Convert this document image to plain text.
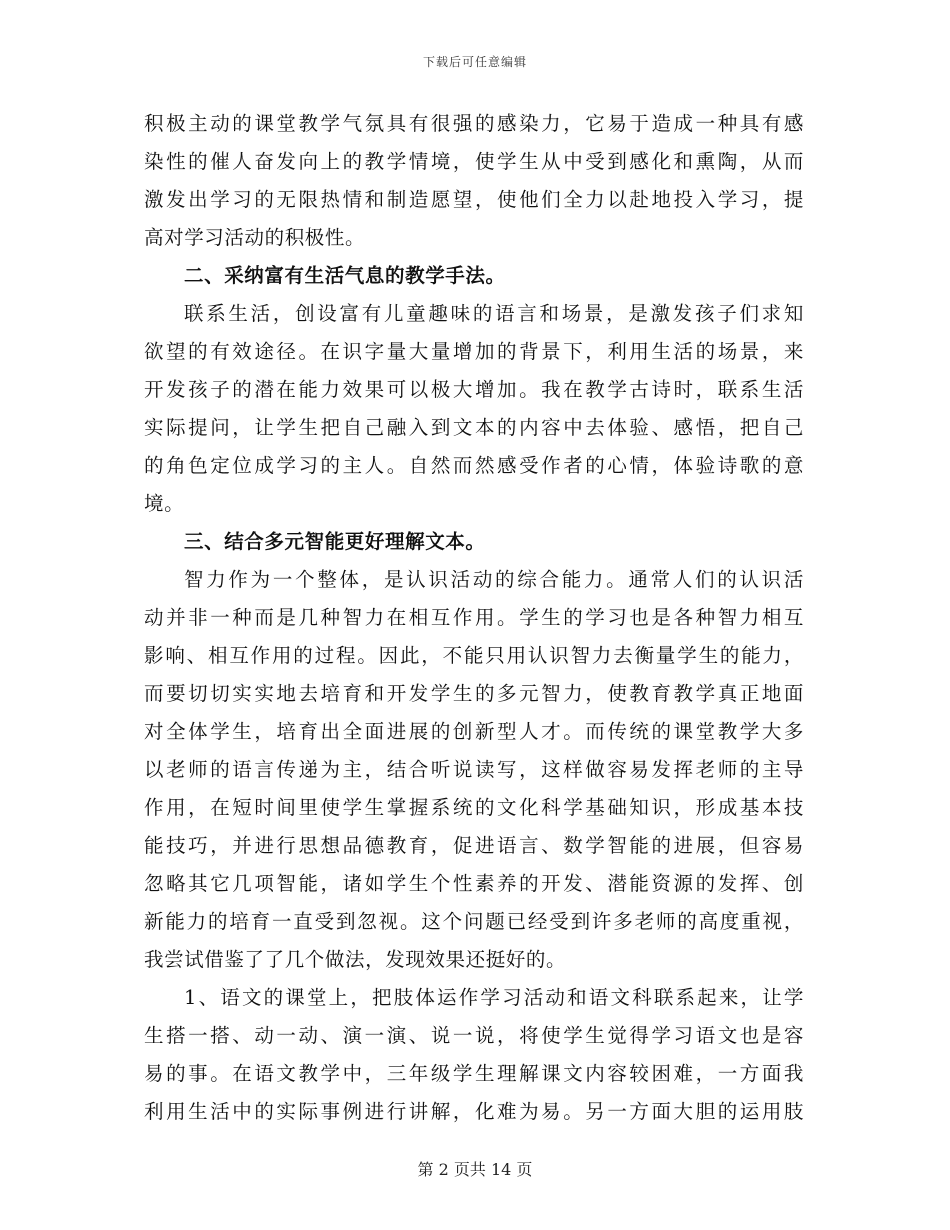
下载后可任意编辑
积极主动的课堂教学气氛具有很强的感染力，它易于造成一种具有感
染性的催人奋发向上的教学情境，使学生从中受到感化和熏陶，从而
激发出学习的无限热情和制造愿望，使他们全力以赴地投入学习，提
高对学习活动的积极性。
二、采纳富有生活气息的教学手法。
联系生活，创设富有儿童趣味的语言和场景，是激发孩子们求知
欲望的有效途径。在识字量大量增加的背景下，利用生活的场景，来
开发孩子的潜在能力效果可以极大增加。我在教学古诗时，联系生活
实际提问，让学生把自己融入到文本的内容中去体验、感悟，把自己
的角色定位成学习的主人。自然而然感受作者的心情，体验诗歌的意
境。
三、结合多元智能更好理解文本。
智力作为一个整体，是认识活动的综合能力。通常人们的认识活
动并非一种而是几种智力在相互作用。学生的学习也是各种智力相互
影响、相互作用的过程。因此，不能只用认识智力去衡量学生的能力，
而要切切实实地去培育和开发学生的多元智力，使教育教学真正地面
对全体学生，培育出全面进展的创新型人才。而传统的课堂教学大多
以老师的语言传递为主，结合听说读写，这样做容易发挥老师的主导
作用，在短时间里使学生掌握系统的文化科学基础知识，形成基本技
能技巧，并进行思想品德教育，促进语言、数学智能的进展，但容易
忽略其它几项智能，诸如学生个性素养的开发、潜能资源的发挥、创
新能力的培育一直受到忽视。这个问题已经受到许多老师的高度重视，
我尝试借鉴了了几个做法，发现效果还挺好的。
1、语文的课堂上，把肢体运作学习活动和语文科联系起来，让学
生搭一搭、动一动、演一演、说一说，将使学生觉得学习语文也是容
易的事。在语文教学中，三年级学生理解课文内容较困难，一方面我
利用生活中的实际事例进行讲解，化难为易。另一方面大胆的运用肢
第 2 页共 14 页
